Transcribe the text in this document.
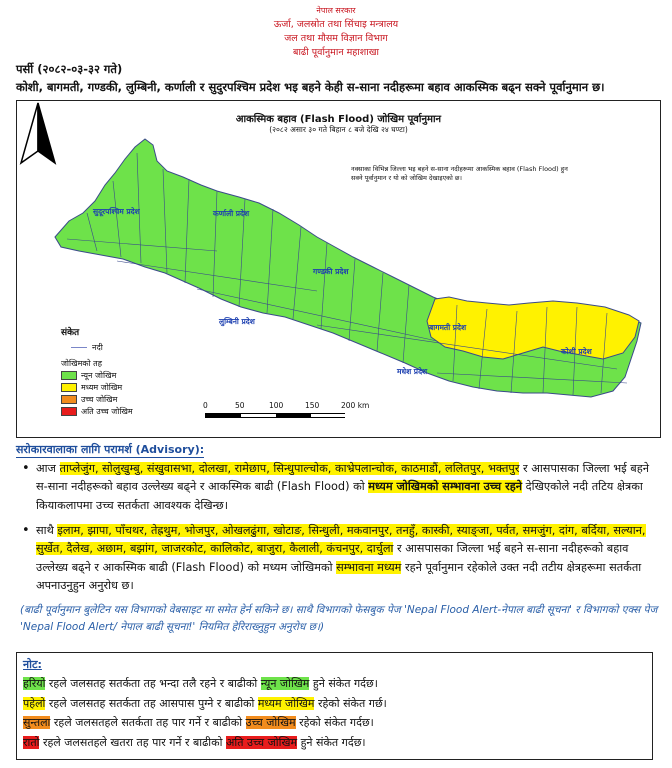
नेपाल सरकार
ऊर्जा, जलस्रोत तथा सिंचाइ मन्त्रालय
जल तथा मौसम विज्ञान विभाग
बाढी पूर्वानुमान महाशाखा
पर्सी (२०८२-०३-३२ गते)
कोशी, बागमती, गण्डकी, लुम्बिनी, कर्णाली र सुदुरपश्चिम प्रदेश भइ बहने केही स-साना नदीहरूमा बहाव आकस्मिक बढ्न सक्ने पूर्वानुमान छ।
आकस्मिक बहाव (Flash Flood) जोखिम पूर्वानुमान
(२०८२ असार ३० गते बिहान ८ बजे देखि २४ घण्टा)
नक्साका विभिन्न जिल्ला भइ बहने स-साना नदीहरूमा आकस्मिक बहाव (Flash Flood) हुन सक्ने पूर्वानुमान र यो को जोखिम देखाइएको छ।
सुदूरपश्चिम प्रदेश	कर्णाली प्रदेश
गण्डकी प्रदेश
लुम्बिनी प्रदेश
बागमती प्रदेश
मधेश प्रदेश
कोशी प्रदेश
संकेत
नदी
जोखिमको तह
न्यून जोखिम
मध्यम जोखिम
उच्च जोखिम
अति उच्च जोखिम
0	50	100	150	200 km
सरोकारवालाका लागि परामर्श (Advisory):
• आज ताप्लेजुंग, सोलुखुम्बु, संखुवासभा, दोलखा, रामेछाप, सिन्धुपाल्चोक, काभ्रेपलान्चोक, काठमाडौं, ललितपुर, भक्तपुर र आसपासका जिल्ला भई बहने स-साना नदीहरूको बहाव उल्लेख्य बढ्ने र आकस्मिक बाढी (Flash Flood) को मध्यम जोखिमको सम्भावना उच्च रहने देखिएकोले नदी तटिय क्षेत्रका कियाकलापमा उच्च सतर्कता आवश्यक देखिन्छ।
• साथै इलाम, झापा, पाँचथर, तेह्रथुम, भोजपुर, ओखलढुंगा, खोटाङ, सिन्धुली, मकवानपुर, तनहुँ, कास्की, स्याङ्जा, पर्वत, समजुंग, दांग, बर्दिया, सल्यान, सुर्खेत, दैलेख, अछाम, बझांग, जाजरकोट, कालिकोट, बाजुरा, कैलाली, कंचनपुर, दार्चुला र आसपासका जिल्ला भई बहने स-साना नदीहरूको बहाव उल्लेख्य बढ्ने र आकस्मिक बाढी (Flash Flood) को मध्यम जोखिमको सम्भावना मध्यम रहने पूर्वानुमान रहेकोले उक्त नदी तटीय क्षेत्रहरूमा सतर्कता अपनाउनुहुन अनुरोध छ।
(बाढी पूर्वानुमान बुलेटिन यस विभागको वेबसाइट मा समेत हेर्न सकिने छ। साथै विभागको फेसबुक पेज 'Nepal Flood Alert-नेपाल बाढी सूचना' र विभागको एक्स पेज 'Nepal Flood Alert/ नेपाल बाढी सूचना!' नियमित हेरिराख्नुहुन अनुरोध छ।)
नोट:
हरियो रहले जलसतह सतर्कता तह भन्दा तलै रहने र बाढीको न्यून जोखिम हुने संकेत गर्दछ।
पहेलो रहले जलसतह सतर्कता तह आसपास पुग्ने र बाढीको मध्यम जोखिम रहेको संकेत गर्छ।
सुन्तला रहले जलसतहले सतर्कता तह पार गर्ने र बाढीको उच्च जोखिम रहेको संकेत गर्दछ।
रातो रहले जलसतहले खतरा तह पार गर्ने र बाढीको अति उच्च जोखिम हुने संकेत गर्दछ।
